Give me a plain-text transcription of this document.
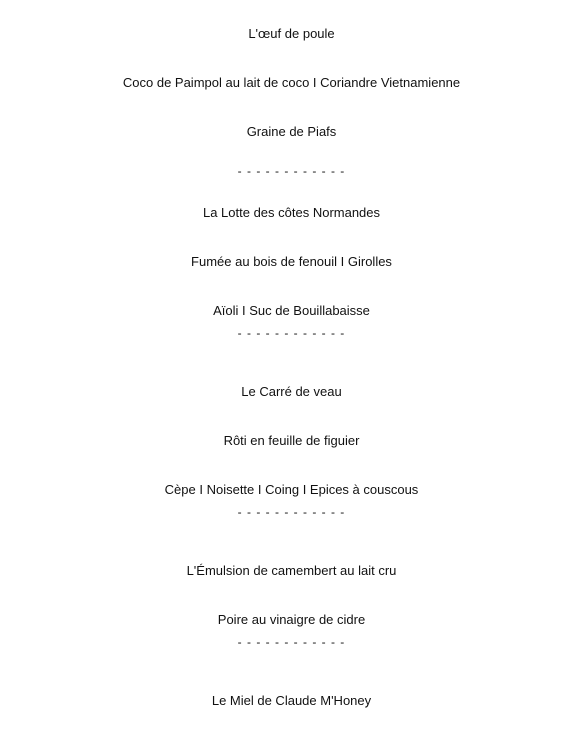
L'œuf de poule
Coco de Paimpol au lait de coco I Coriandre Vietnamienne
Graine de Piafs
- - - - - - - - - - - -
La Lotte des côtes Normandes
Fumée au bois de fenouil I Girolles
Aïoli I Suc de Bouillabaisse
- - - - - - - - - - - -
Le Carré de veau
Rôti en feuille de figuier
Cèpe I Noisette I Coing I Epices à couscous
- - - - - - - - - - - -
L'Émulsion de camembert au lait cru
Poire au vinaigre de cidre
- - - - - - - - - - - -
Le Miel de Claude M'Honey
